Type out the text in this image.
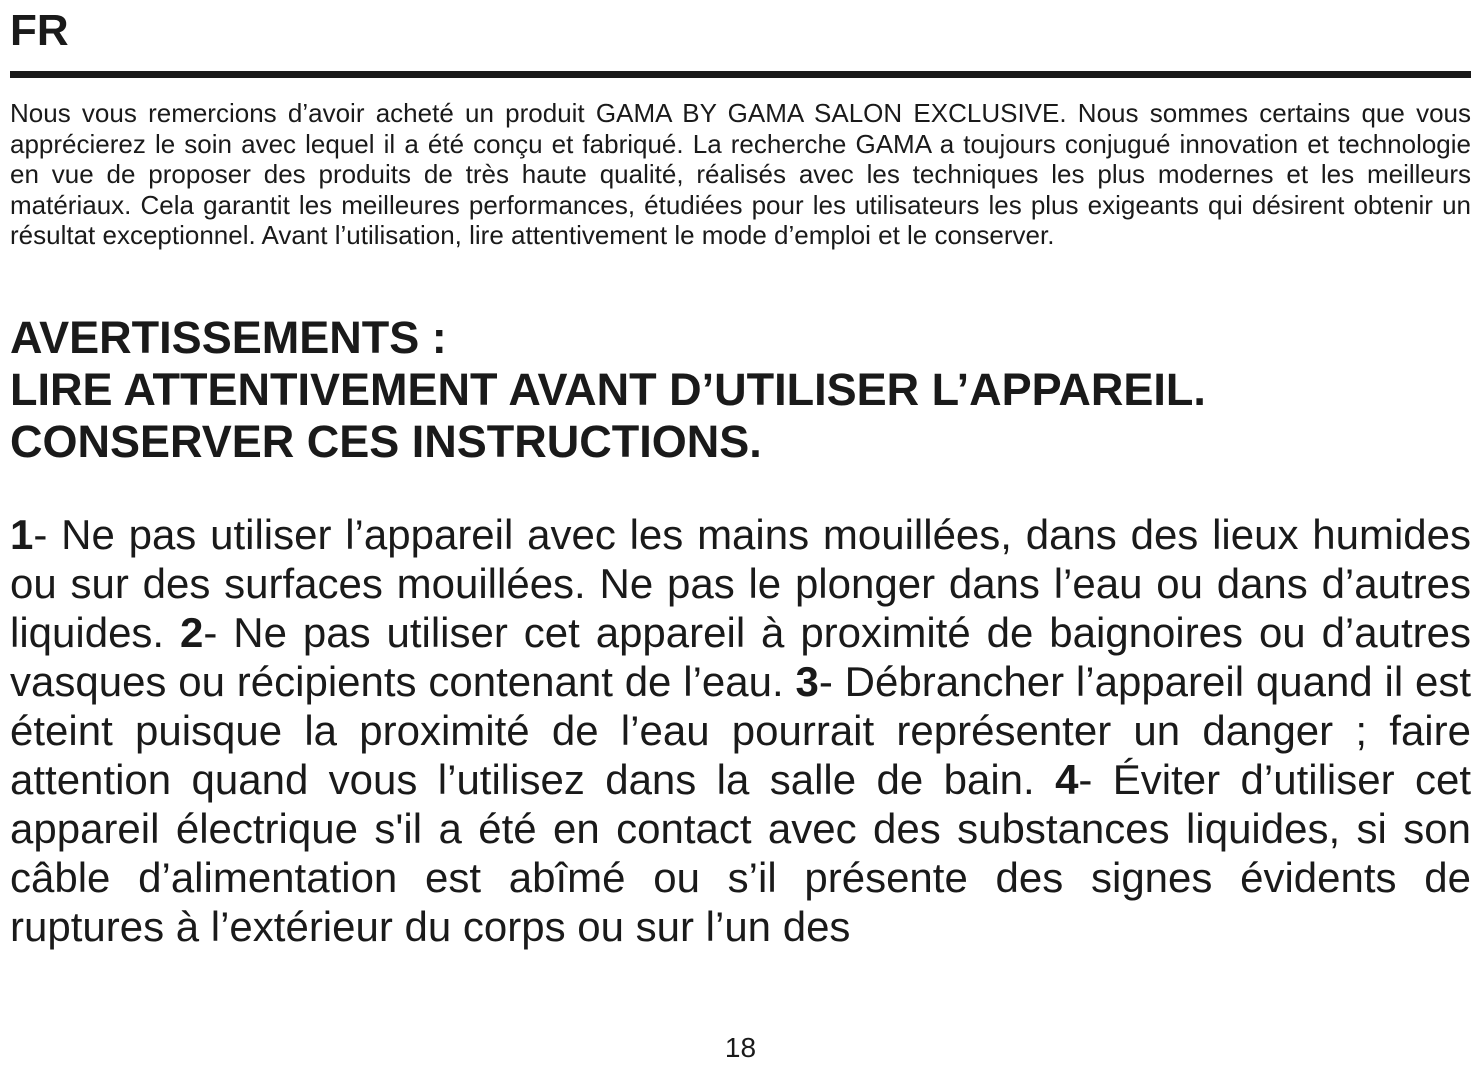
FR

Nous vous remercions d’avoir acheté un produit GAMA BY GAMA SALON EXCLUSIVE. Nous sommes certains que vous apprécierez le soin avec lequel il a été conçu et fabriqué. La recherche GAMA a toujours conjugué innovation et technologie en vue de proposer des produits de très haute qualité, réalisés avec les techniques les plus modernes et les meilleurs matériaux. Cela garantit les meilleures performances, étudiées pour les utilisateurs les plus exigeants qui désirent obtenir un résultat exceptionnel. Avant l’utilisation, lire attentivement le mode d’emploi et le conserver.

AVERTISSEMENTS :
LIRE ATTENTIVEMENT AVANT D’UTILISER L’APPAREIL.
CONSERVER CES INSTRUCTIONS.

1- Ne pas utiliser l’appareil avec les mains mouillées, dans des lieux humides ou sur des surfaces mouillées. Ne pas le plonger dans l’eau ou dans d’autres liquides. 2- Ne pas utiliser cet appareil à proximité de baignoires ou d’autres vasques ou récipients contenant de l’eau. 3- Débrancher l’appareil quand il est éteint puisque la proximité de l’eau pourrait représenter un danger ; faire attention quand vous l’utilisez dans la salle de bain. 4- Éviter d’utiliser cet appareil électrique s'il a été en contact avec des substances liquides, si son câble d’alimentation est abîmé ou s’il présente des signes évidents de ruptures à l’extérieur du corps ou sur l’un des

18
